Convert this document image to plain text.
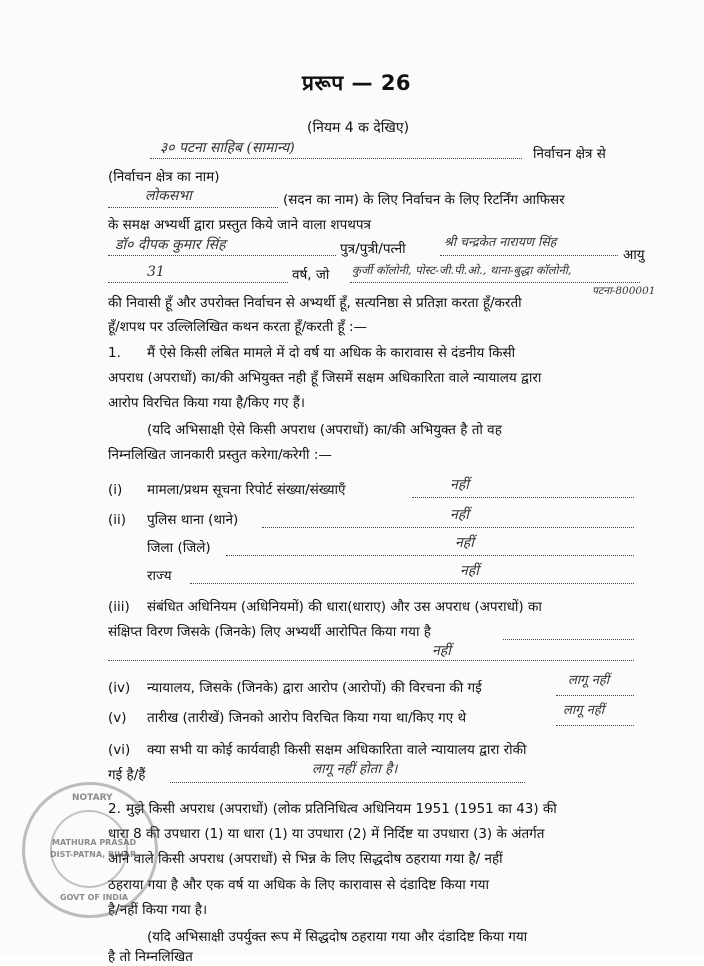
प्ररूप — 26
(नियम 4 क देखिए)
३० पटना साहिब (सामान्य)	निर्वाचन क्षेत्र से
(निर्वाचन क्षेत्र का नाम)
लोकसभा	(सदन का नाम) के लिए निर्वाचन के लिए रिटर्निंग आफिसर
के समक्ष अभ्यर्थी द्वारा प्रस्तुत किये जाने वाला शपथपत्र
डॉ० दीपक कुमार सिंह	पुत्र/पुत्री/पत्नी	श्री चन्द्रकेत नारायण सिंह
आयु
31	वर्ष, जो कुर्जी कॉलोनी, पोस्ट-जी.पी.ओ., थाना-बुद्धा कॉलोनी,
पटना-800001
की निवासी हूँ और उपरोक्त निर्वाचन से अभ्यर्थी हूँ, सत्यनिष्ठा से प्रतिज्ञा करता हूँ/करती
हूँ/शपथ पर उल्लिलिखित कथन करता हूँ/करती हूँ :—
1. मैं ऐसे किसी लंबित मामले में दो वर्ष या अधिक के कारावास से दंडनीय किसी
अपराध (अपराधों) का/की अभियुक्त नही हूँ जिसमें सक्षम अधिकारिता वाले न्यायालय द्वारा
आरोप विरचित किया गया है/किए गए हैं।
(यदि अभिसाक्षी ऐसे किसी अपराध (अपराधों) का/की अभियुक्त है तो वह
निम्नलिखित जानकारी प्रस्तुत करेगा/करेगी :—
(i) मामला/प्रथम सूचना रिपोर्ट संख्या/संख्याएँ	नहीं
(ii) पुलिस थाना (थाने)	नहीं
जिला (जिले)	नहीं
राज्य	नहीं
(iii) संबंधित अधिनियम (अधिनियमों) की धारा(धाराए) और उस अपराध (अपराधों) का
संक्षिप्त विरण जिसके (जिनके) लिए अभ्यर्थी आरोपित किया गया है
नहीं
(iv) न्यायालय, जिसके (जिनके) द्वारा आरोप (आरोपों) की विरचना की गई	लागू नहीं
(v) तारीख (तारीखें) जिनको आरोप विरचित किया गया था/किए गए थे	लागू नहीं
(vi) क्या सभी या कोई कार्यवाही किसी सक्षम अधिकारिता वाले न्यायालय द्वारा रोकी
गई है/हैं	लागू नहीं होता है।
2. मुझे किसी अपराध (अपराधों) (लोक प्रतिनिधित्व अधिनियम 1951 (1951 का 43) की
धारा 8 की उपधारा (1) या धारा (1) या उपधारा (2) में निर्दिष्ट या उपधारा (3) के अंतर्गत
आने वाले किसी अपराध (अपराधों) से भिन्न के लिए सिद्धदोष ठहराया गया है/ नहीं
ठहराया गया है और एक वर्ष या अधिक के लिए कारावास से दंडादिष्ट किया गया
है/नहीं किया गया है।
(यदि अभिसाक्षी उपर्युक्त रूप में सिद्धदोष ठहराया गया और दंडादिष्ट किया गया
है तो निम्नलिखित
NOTARY
MATHURA PRASAD
DIST-PATNA, BIHAR
GOVT OF INDIA
